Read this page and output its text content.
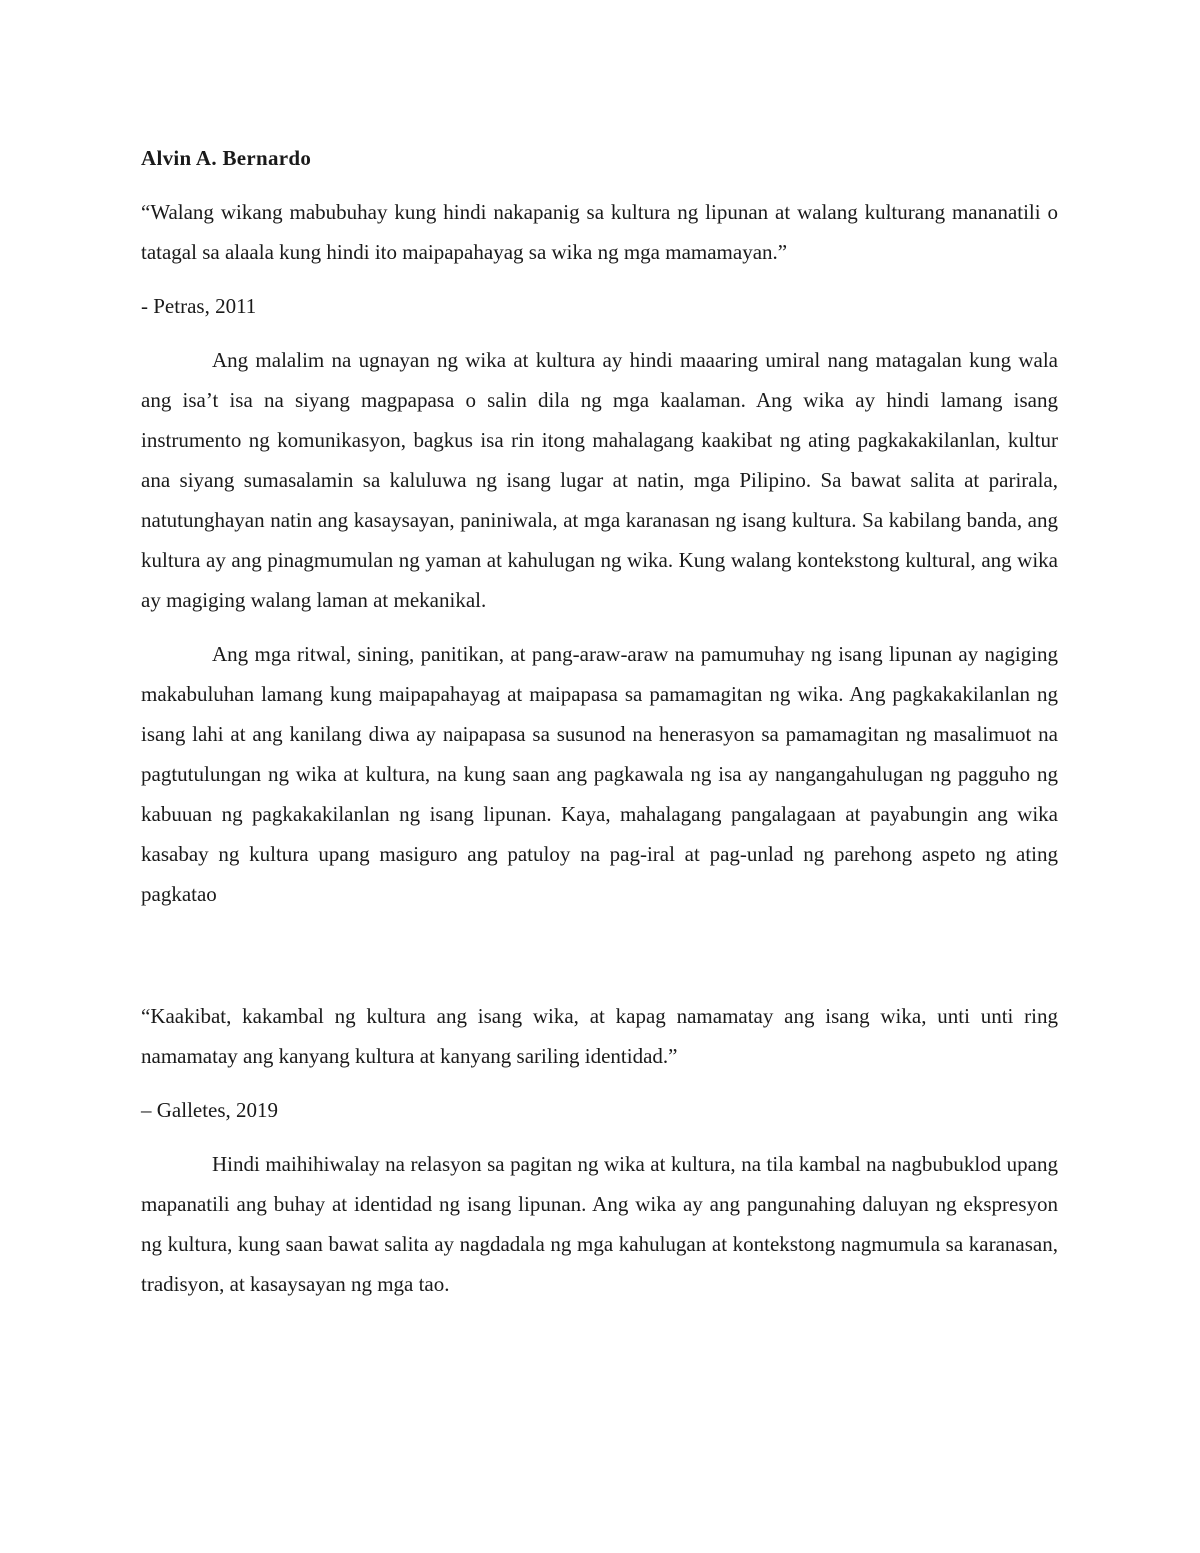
Alvin A. Bernardo

“Walang wikang mabubuhay kung hindi nakapanig sa kultura ng lipunan at walang kulturang mananatili o tatagal sa alaala kung hindi ito maipapahayag sa wika ng mga mamamayan.”

- Petras, 2011

Ang malalim na ugnayan ng wika at kultura ay hindi maaaring umiral nang matagalan kung wala ang isa’t isa na siyang magpapasa o salin dila ng mga kaalaman. Ang wika ay hindi lamang isang instrumento ng komunikasyon, bagkus isa rin itong mahalagang kaakibat ng ating pagkakakilanlan, kultur ana siyang sumasalamin sa kaluluwa ng isang lugar at natin, mga Pilipino. Sa bawat salita at parirala, natutunghayan natin ang kasaysayan, paniniwala, at mga karanasan ng isang kultura. Sa kabilang banda, ang kultura ay ang pinagmumulan ng yaman at kahulugan ng wika. Kung walang kontekstong kultural, ang wika ay magiging walang laman at mekanikal.

Ang mga ritwal, sining, panitikan, at pang-araw-araw na pamumuhay ng isang lipunan ay nagiging makabuluhan lamang kung maipapahayag at maipapasa sa pamamagitan ng wika. Ang pagkakakilanlan ng isang lahi at ang kanilang diwa ay naipapasa sa susunod na henerasyon sa pamamagitan ng masalimuot na pagtutulungan ng wika at kultura, na kung saan ang pagkawala ng isa ay nangangahulugan ng pagguho ng kabuuan ng pagkakakilanlan ng isang lipunan. Kaya, mahalagang pangalagaan at payabungin ang wika kasabay ng kultura upang masiguro ang patuloy na pag-iral at pag-unlad ng parehong aspeto ng ating pagkatao

“Kaakibat, kakambal ng kultura ang isang wika, at kapag namamatay ang isang wika, unti unti ring namamatay ang kanyang kultura at kanyang sariling identidad.”

– Galletes, 2019

Hindi maihihiwalay na relasyon sa pagitan ng wika at kultura, na tila kambal na nagbubuklod upang mapanatili ang buhay at identidad ng isang lipunan. Ang wika ay ang pangunahing daluyan ng ekspresyon ng kultura, kung saan bawat salita ay nagdadala ng mga kahulugan at kontekstong nagmumula sa karanasan, tradisyon, at kasaysayan ng mga tao.
